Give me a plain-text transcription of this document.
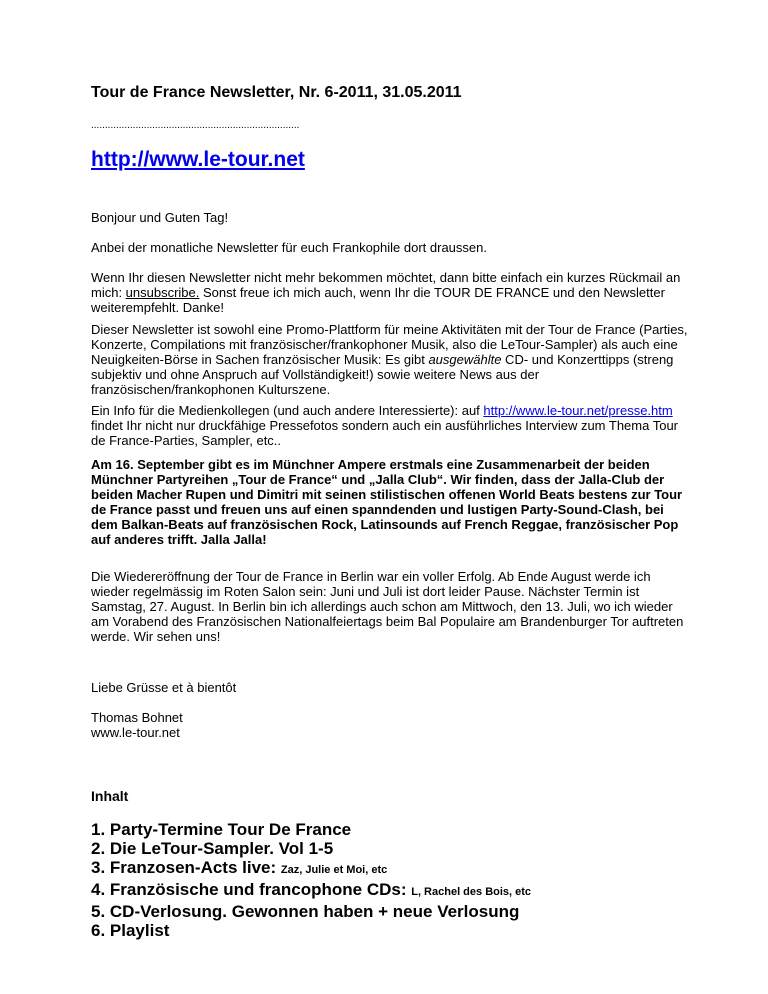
Tour de France Newsletter, Nr. 6-2011, 31.05.2011
...........................................................................
http://www.le-tour.net
Bonjour und Guten Tag!
Anbei der monatliche Newsletter für euch Frankophile dort draussen.
Wenn Ihr diesen Newsletter nicht mehr bekommen möchtet, dann bitte einfach ein kurzes Rückmail an mich: unsubscribe. Sonst freue ich mich auch, wenn Ihr die TOUR DE FRANCE und den Newsletter weiterempfehlt. Danke!
Dieser Newsletter ist sowohl eine Promo-Plattform für meine Aktivitäten mit der Tour de France (Parties, Konzerte, Compilations mit französischer/frankophoner Musik, also die LeTour-Sampler) als auch eine Neuigkeiten-Börse in Sachen französischer Musik: Es gibt ausgewählte CD- und Konzerttipps (streng subjektiv und ohne Anspruch auf Vollständigkeit!) sowie weitere News aus der französischen/frankophonen Kulturszene.
Ein Info für die Medienkollegen (und auch andere Interessierte): auf http://www.le-tour.net/presse.htm findet Ihr nicht nur druckfähige Pressefotos sondern auch ein ausführliches Interview zum Thema Tour de France-Parties, Sampler, etc..
Am 16. September gibt es im Münchner Ampere erstmals eine Zusammenarbeit der beiden Münchner Partyreihen „Tour de France“ und „Jalla Club“. Wir finden, dass der Jalla-Club der beiden Macher Rupen und Dimitri mit seinen stilistischen offenen World Beats bestens zur Tour de France passt und freuen uns auf einen spanndenden und lustigen Party-Sound-Clash, bei dem Balkan-Beats auf französischen Rock, Latinsounds auf French Reggae, französischer Pop auf anderes trifft. Jalla Jalla!
Die Wiedereröffnung der Tour de France in Berlin war ein voller Erfolg. Ab Ende August werde ich wieder regelmässig im Roten Salon sein: Juni und Juli ist dort leider Pause. Nächster Termin ist Samstag, 27. August. In Berlin bin ich allerdings auch schon am Mittwoch, den 13. Juli, wo ich wieder am Vorabend des Französischen Nationalfeiertags beim Bal Populaire am Brandenburger Tor auftreten werde. Wir sehen uns!
Liebe Grüsse et à bientôt
Thomas Bohnet
www.le-tour.net
Inhalt
1. Party-Termine Tour De France
2. Die LeTour-Sampler. Vol 1-5
3. Franzosen-Acts live: Zaz, Julie et Moi, etc
4. Französische und francophone CDs: L, Rachel des Bois, etc
5. CD-Verlosung. Gewonnen haben + neue Verlosung
6. Playlist
